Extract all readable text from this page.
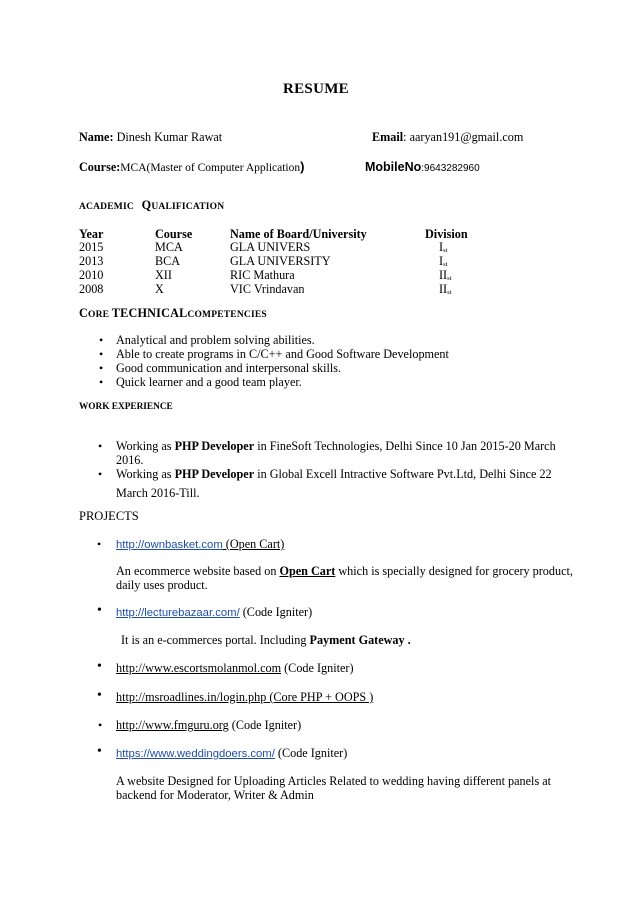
RESUME
Name: Dinesh Kumar Rawat	Email: aaryan191@gmail.com
Course:MCA(Master of Computer Application)	MobileNo:9643282960
ACADEMIC QUALIFICATION
Year	Course	Name of Board/University	Division
2015	MCA	GLA UNIVERS	Ist
2013	BCA	GLA UNIVERSITY	Ist
2010	XII	RIC Mathura	IIst
2008	X	VIC Vrindavan	IIst
CORE TECHNICALCOMPETENCIES
• Analytical and problem solving abilities.
• Able to create programs in C/C++ and Good Software Development
• Good communication and interpersonal skills.
• Quick learner and a good team player.
WORK EXPERIENCE
• Working as PHP Developer in FineSoft Technologies, Delhi Since 10 Jan 2015-20 March
2016.
• Working as PHP Developer in Global Excell Intractive Software Pvt.Ltd, Delhi Since 22
March 2016-Till.
PROJECTS
• http://ownbasket.com (Open Cart)
An ecommerce website based on Open Cart which is specially designed for grocery product,
daily uses product.
• http://lecturebazaar.com/ (Code Igniter)
It is an e-commerces portal. Including Payment Gateway .
• http://www.escortsmolanmol.com (Code Igniter)
• http://msroadlines.in/login.php (Core PHP + OOPS )
• http://www.fmguru.org (Code Igniter)
• https://www.weddingdoers.com/ (Code Igniter)
A website Designed for Uploading Articles Related to wedding having different panels at
backend for Moderator, Writer & Admin
